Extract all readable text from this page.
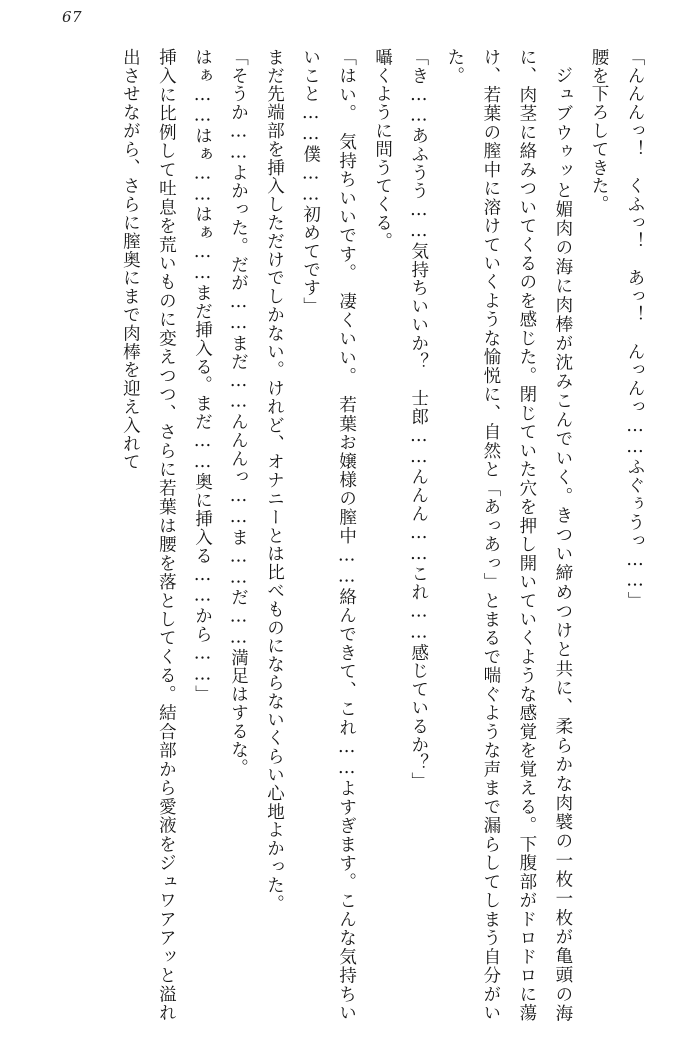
67

「んんんっ！　くふっ！　あっ！　んっんっ……ふぐぅうっ……」

腰を下ろしてきた。

ジュブウゥッと媚肉の海に肉棒が沈みこんでいく。きつい締めつけと共に、柔らかな肉襞の一枚一枚が亀頭の海に、肉茎に絡みついてくるのを感じた。閉じていた穴を押し開いていくような感覚を覚える。下腹部がドロドロに蕩け、若葉の膣中に溶けていくような愉悦に、自然と「あっあっ」とまるで喘ぐような声まで漏らしてしまう自分がいた。

「き……あふうう……気持ちいいか？　士郎……んんん……これ……感じているか？」

囁くように問うてくる。

「はい。　気持ちいいです。　凄くいい。　若葉お嬢様の膣中……絡んできて、これ……よすぎます。こんな気持ちいいこと……僕……初めてです」

まだ先端部を挿入しただけでしかない。けれど、オナニーとは比べものにならないくらい心地よかった。

「そうか……よかった。だが……まだ……んんんっ……ま……だ……満足はするな。

はぁ……はぁ……はぁ……まだ挿入る。まだ……奥に挿入る……から……」

挿入に比例して吐息を荒いものに変えつつ、さらに若葉は腰を落としてくる。結合部から愛液をジュワアアッと溢れ出させながら、さらに膣奥にまで肉棒を迎え入れて
